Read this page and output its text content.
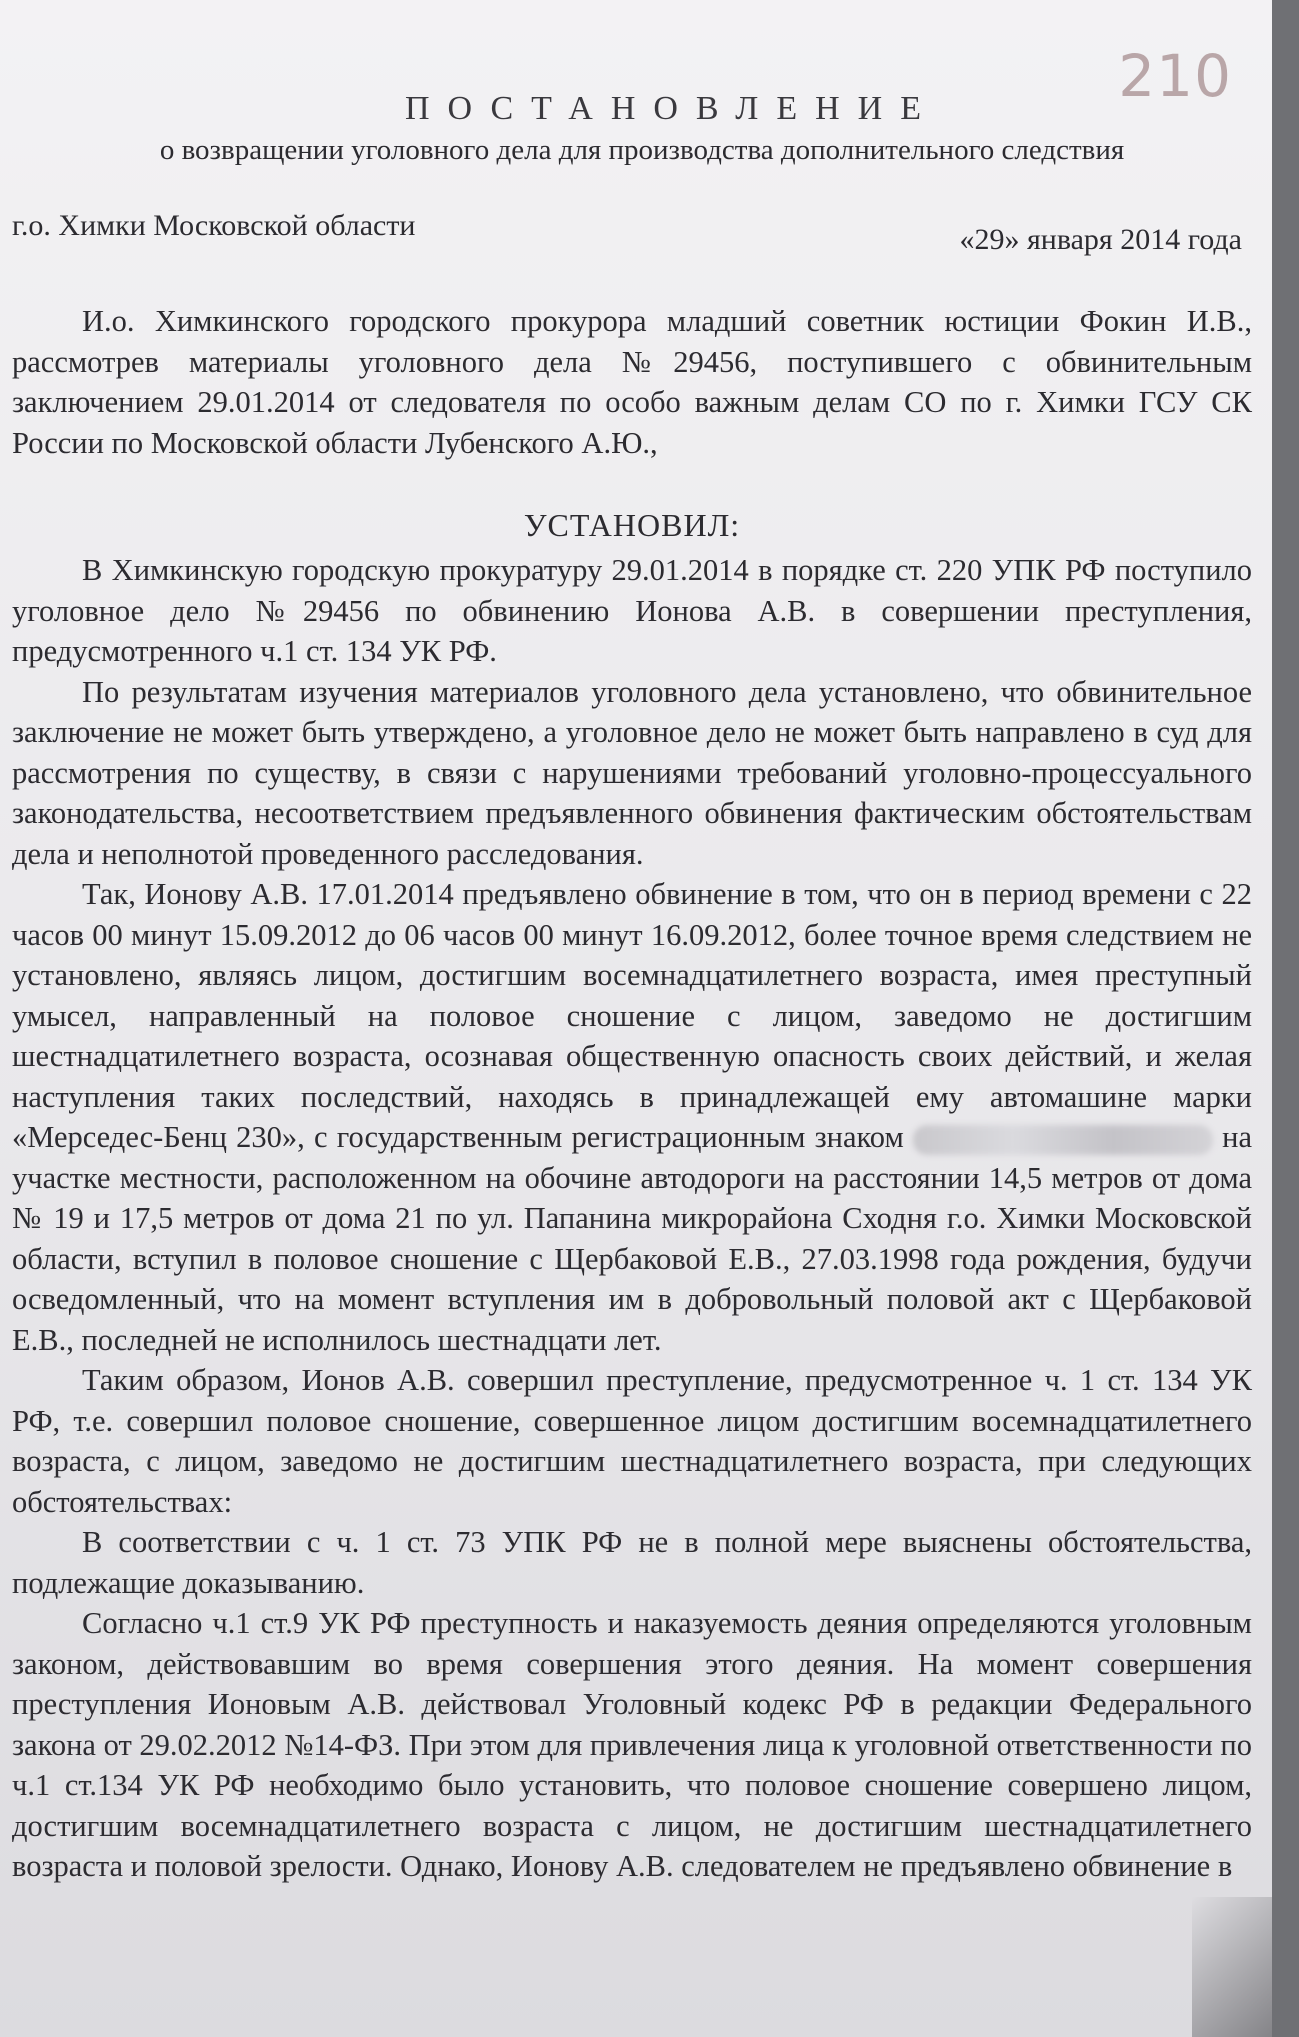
210
ПОСТАНОВЛЕНИЕ
о возвращении уголовного дела для производства дополнительного следствия
г.о. Химки Московской области	«29» января 2014 года

И.о. Химкинского городского прокурора младший советник юстиции Фокин И.В., рассмотрев материалы уголовного дела №29456, поступившего с обвинительным заключением 29.01.2014 от следователя по особо важным делам СО по г. Химки ГСУ СК России по Московской области Лубенского А.Ю.,

УСТАНОВИЛ:

В Химкинскую городскую прокуратуру 29.01.2014 в порядке ст. 220 УПК РФ поступило уголовное дело №29456 по обвинению Ионова А.В. в совершении преступления, предусмотренного ч.1 ст. 134 УК РФ.

По результатам изучения материалов уголовного дела установлено, что обвинительное заключение не может быть утверждено, а уголовное дело не может быть направлено в суд для рассмотрения по существу, в связи с нарушениями требований уголовно-процессуального законодательства, несоответствием предъявленного обвинения фактическим обстоятельствам дела и неполнотой проведенного расследования.

Так, Ионову А.В. 17.01.2014 предъявлено обвинение в том, что он в период времени с 22 часов 00 минут 15.09.2012 до 06 часов 00 минут 16.09.2012, более точное время следствием не установлено, являясь лицом, достигшим восемнадцатилетнего возраста, имея преступный умысел, направленный на половое сношение с лицом, заведомо не достигшим шестнадцатилетнего возраста, осознавая общественную опасность своих действий, и желая наступления таких последствий, находясь в принадлежащей ему автомашине марки «Мерседес-Бенц 230», с государственным регистрационным знаком	на участке местности, расположенном на обочине автодороги на расстоянии 14,5 метров от дома № 19 и 17,5 метров от дома 21 по ул. Папанина микрорайона Сходня г.о. Химки Московской области, вступил в половое сношение с Щербаковой Е.В., 27.03.1998 года рождения, будучи осведомленный, что на момент вступления им в добровольный половой акт с Щербаковой Е.В., последней не исполнилось шестнадцати лет.

Таким образом, Ионов А.В. совершил преступление, предусмотренное ч. 1 ст. 134 УК РФ, т.е. совершил половое сношение, совершенное лицом достигшим восемнадцатилетнего возраста, с лицом, заведомо не достигшим шестнадцатилетнего возраста, при следующих обстоятельствах:

В соответствии с ч. 1 ст. 73 УПК РФ не в полной мере выяснены обстоятельства, подлежащие доказыванию.

Согласно ч.1 ст.9 УК РФ преступность и наказуемость деяния определяются уголовным законом, действовавшим во время совершения этого деяния. На момент совершения преступления Ионовым А.В. действовал Уголовный кодекс РФ в редакции Федерального закона от 29.02.2012 №14-ФЗ. При этом для привлечения лица к уголовной ответственности по ч.1 ст.134 УК РФ необходимо было установить, что половое сношение совершено лицом, достигшим восемнадцатилетнего возраста с лицом, не достигшим шестнадцатилетнего возраста и половой зрелости. Однако, Ионову А.В. следователем не предъявлено обвинение в
